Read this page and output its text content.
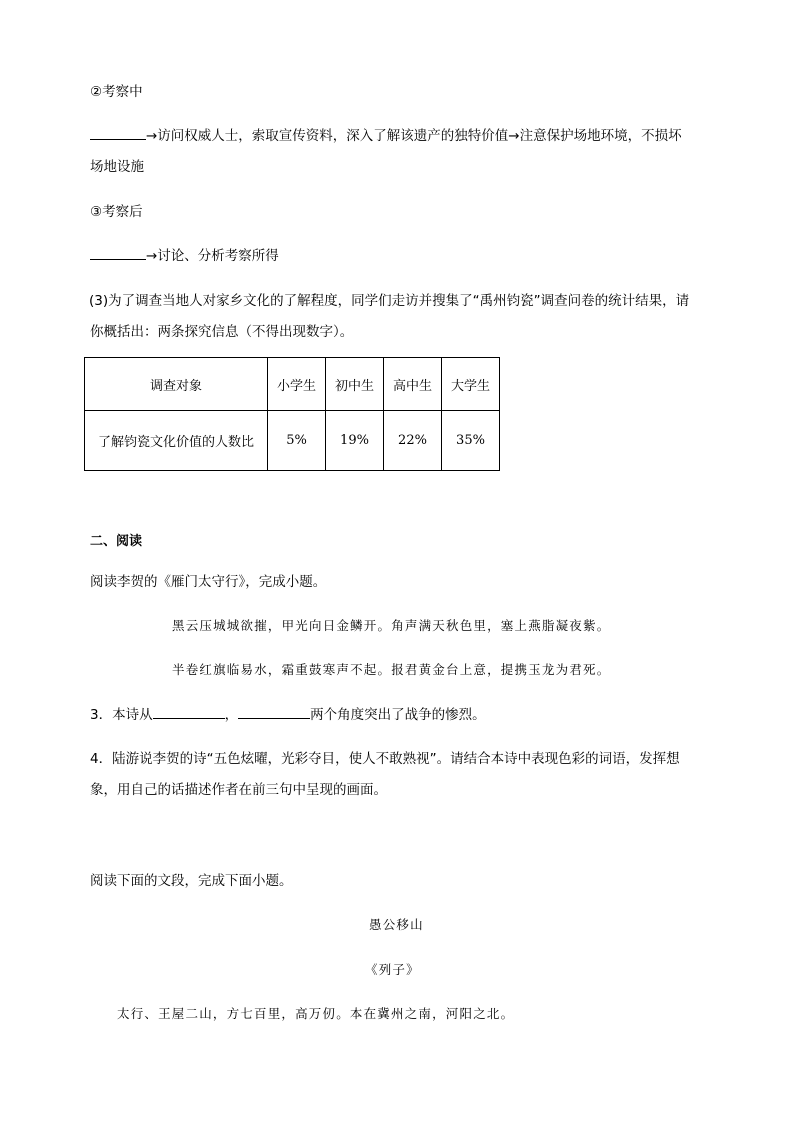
②考察中
→访问权威人士，索取宣传资料，深入了解该遗产的独特价值→注意保护场地环境，不损坏
场地设施
③考察后
→讨论、分析考察所得
(3)为了调查当地人对家乡文化的了解程度，同学们走访并搜集了“禹州钧瓷”调查问卷的统计结果，请
你概括出：两条探究信息（不得出现数字）。
调查对象	小学生	初中生	高中生	大学生
了解钧瓷文化价值的人数比	5%	19%	22%	35%
二、阅读
阅读李贺的《雁门太守行》，完成小题。
黑云压城城欲摧，甲光向日金鳞开。角声满天秋色里，塞上燕脂凝夜紫。
半卷红旗临易水，霜重鼓寒声不起。报君黄金台上意，提携玉龙为君死。
3．本诗从	，	两个角度突出了战争的惨烈。
4．陆游说李贺的诗“五色炫曜，光彩夺目，使人不敢熟视”。请结合本诗中表现色彩的词语，发挥想
象，用自己的话描述作者在前三句中呈现的画面。
阅读下面的文段，完成下面小题。
愚公移山
《列子》
太行、王屋二山，方七百里，高万仞。本在冀州之南，河阳之北。
